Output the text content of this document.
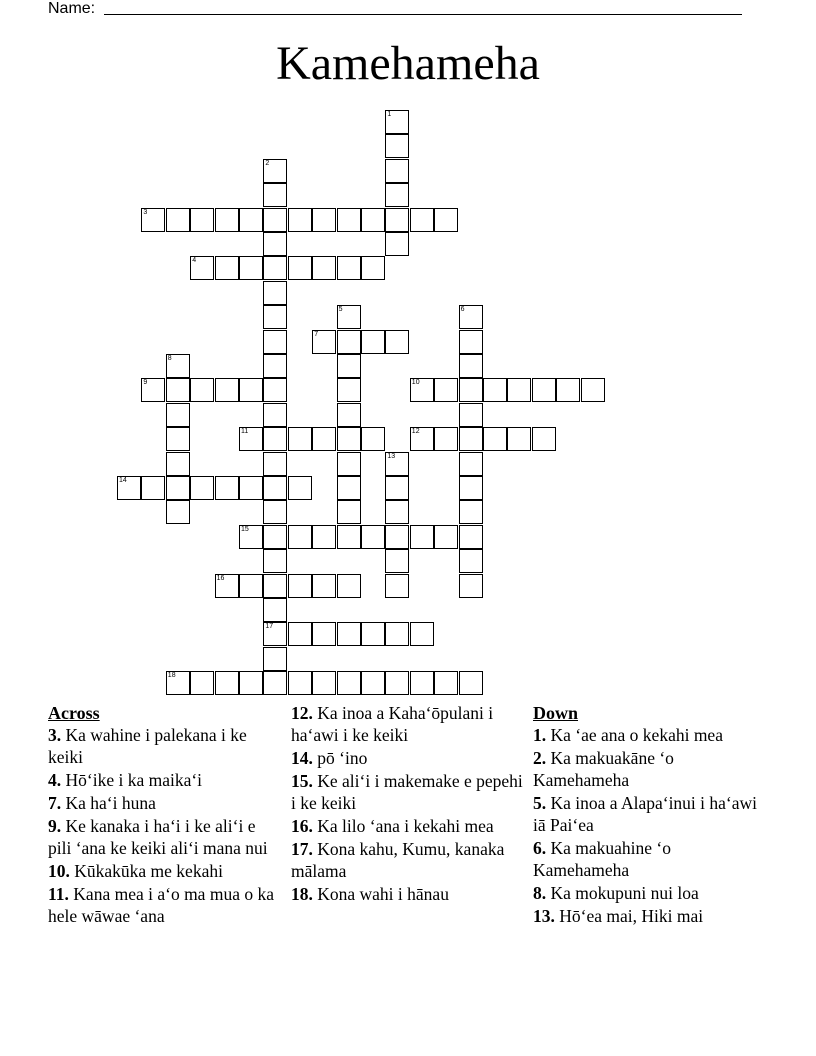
Name:
Kamehameha
1
2
17
3
4
5	6
7
8
9	10
11	12
13
14
15
16
18
Across
3. Ka wahine i palekana i ke keiki
4. Hōʻike i ka maikaʻi
7. Ka haʻi huna
9. Ke kanaka i haʻi i ke aliʻi e pili ʻana ke keiki aliʻi mana nui
10. Kūkakūka me kekahi
11. Kana mea i aʻo ma mua o ka hele wāwae ʻana
12. Ka inoa a Kahaʻōpulani i haʻawi i ke keiki
14. pō ʻino
15. Ke aliʻi i makemake e pepehi i ke keiki
16. Ka lilo ʻana i kekahi mea
17. Kona kahu, Kumu, kanaka mālama
18. Kona wahi i hānau
Down
1. Ka ʻae ana o kekahi mea
2. Ka makuakāne ʻo Kamehameha
5. Ka inoa a Alapaʻinui i haʻawi iā Paiʻea
6. Ka makuahine ʻo Kamehameha
8. Ka mokupuni nui loa
13. Hōʻea mai, Hiki mai
